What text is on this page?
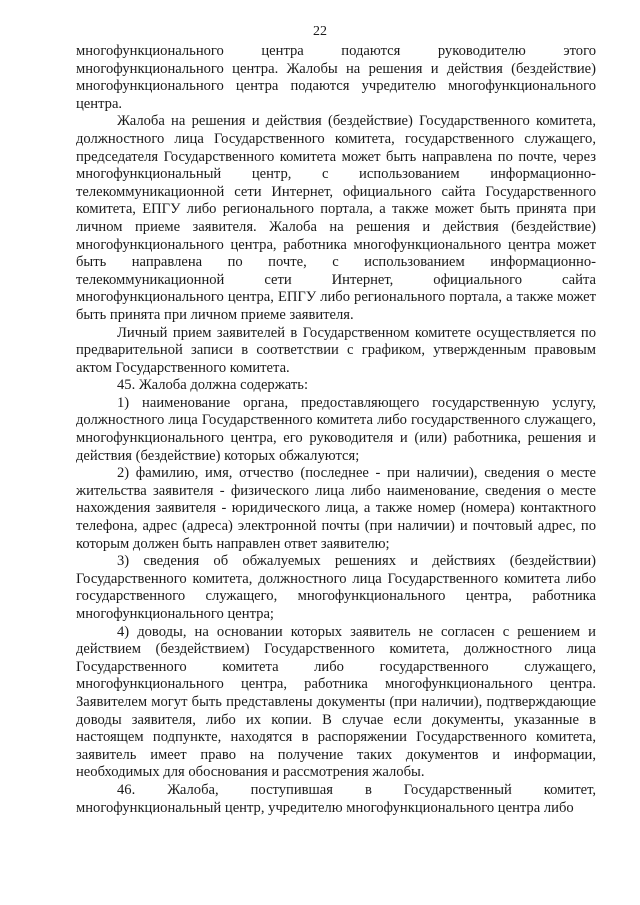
22

многофункционального центра подаются руководителю этого многофункционального центра. Жалобы на решения и действия (бездействие) многофункционального центра подаются учредителю многофункционального центра.

Жалоба на решения и действия (бездействие) Государственного комитета, должностного лица Государственного комитета, государственного служащего, председателя Государственного комитета может быть направлена по почте, через многофункциональный центр, с использованием информационно-телекоммуникационной сети Интернет, официального сайта Государственного комитета, ЕПГУ либо регионального портала, а также может быть принята при личном приеме заявителя. Жалоба на решения и действия (бездействие) многофункционального центра, работника многофункционального центра может быть направлена по почте, с использованием информационно-телекоммуникационной сети Интернет, официального сайта многофункционального центра, ЕПГУ либо регионального портала, а также может быть принята при личном приеме заявителя.

Личный прием заявителей в Государственном комитете осуществляется по предварительной записи в соответствии с графиком, утвержденным правовым актом Государственного комитета.

45. Жалоба должна содержать:

1) наименование органа, предоставляющего государственную услугу, должностного лица Государственного комитета либо государственного служащего, многофункционального центра, его руководителя и (или) работника, решения и действия (бездействие) которых обжалуются;

2) фамилию, имя, отчество (последнее - при наличии), сведения о месте жительства заявителя - физического лица либо наименование, сведения о месте нахождения заявителя - юридического лица, а также номер (номера) контактного телефона, адрес (адреса) электронной почты (при наличии) и почтовый адрес, по которым должен быть направлен ответ заявителю;

3) сведения об обжалуемых решениях и действиях (бездействии) Государственного комитета, должностного лица Государственного комитета либо государственного служащего, многофункционального центра, работника многофункционального центра;

4) доводы, на основании которых заявитель не согласен с решением и действием (бездействием) Государственного комитета, должностного лица Государственного комитета либо государственного служащего, многофункционального центра, работника многофункционального центра. Заявителем могут быть представлены документы (при наличии), подтверждающие доводы заявителя, либо их копии. В случае если документы, указанные в настоящем подпункте, находятся в распоряжении Государственного комитета, заявитель имеет право на получение таких документов и информации, необходимых для обоснования и рассмотрения жалобы.

46. Жалоба, поступившая в Государственный комитет, многофункциональный центр, учредителю многофункционального центра либо
